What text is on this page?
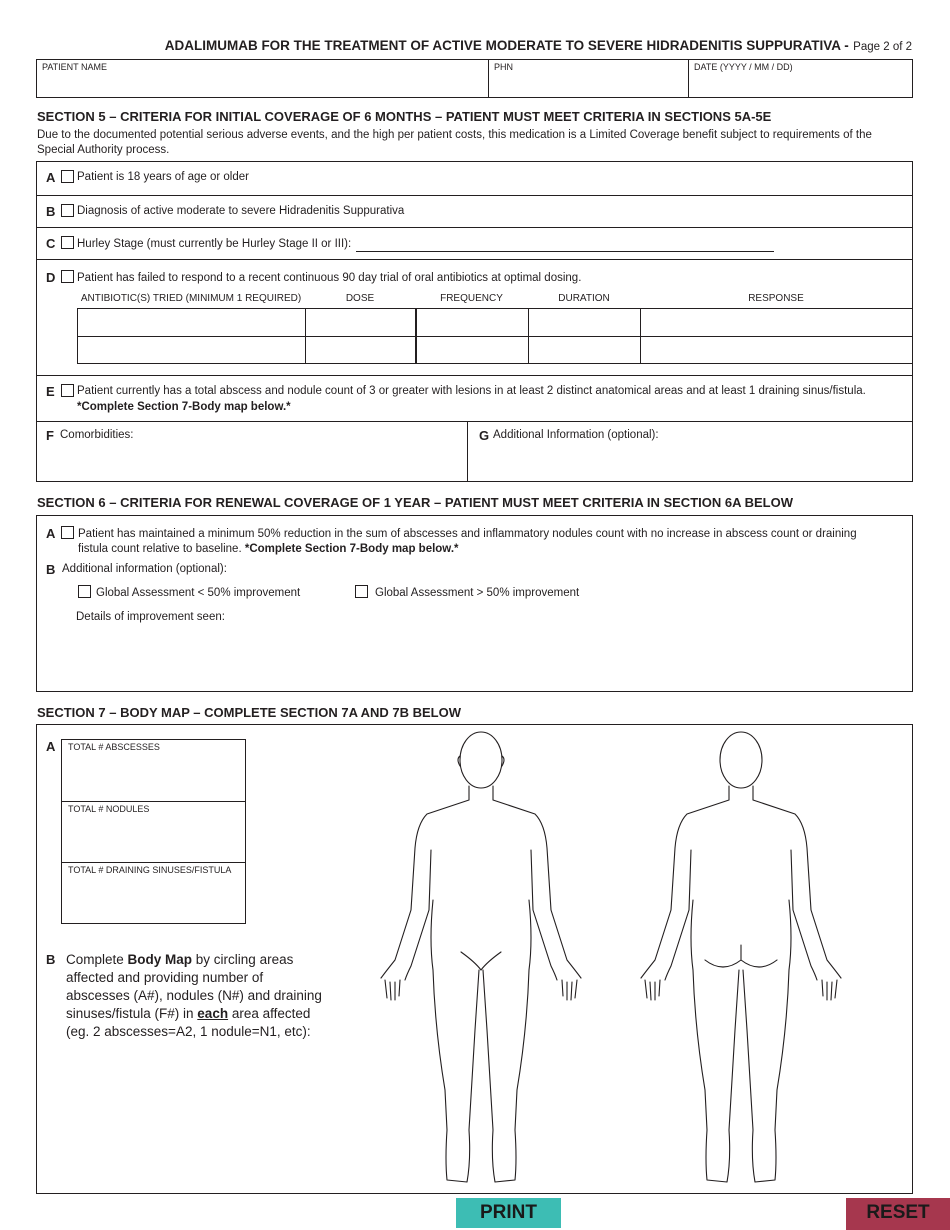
ADALIMUMAB FOR THE TREATMENT OF ACTIVE MODERATE TO SEVERE HIDRADENITIS SUPPURATIVA - Page 2 of 2
PATIENT NAME	PHN	DATE (YYYY / MM / DD)
SECTION 5 – CRITERIA FOR INITIAL COVERAGE OF 6 MONTHS – PATIENT MUST MEET CRITERIA IN SECTIONS 5A-5E
Due to the documented potential serious adverse events, and the high per patient costs, this medication is a Limited Coverage benefit subject to requirements of the
Special Authority process.
A Patient is 18 years of age or older
B Diagnosis of active moderate to severe Hidradenitis Suppurativa
C Hurley Stage (must currently be Hurley Stage II or III):
D Patient has failed to respond to a recent continuous 90 day trial of oral antibiotics at optimal dosing.
ANTIBIOTIC(S) TRIED (MINIMUM 1 REQUIRED)	DOSE	FREQUENCY	DURATION	RESPONSE
E Patient currently has a total abscess and nodule count of 3 or greater with lesions in at least 2 distinct anatomical areas and at least 1 draining sinus/fistula.
*Complete Section 7-Body map below.*
F Comorbidities:	G Additional Information (optional):
SECTION 6 – CRITERIA FOR RENEWAL COVERAGE OF 1 YEAR – PATIENT MUST MEET CRITERIA IN SECTION 6A BELOW
A Patient has maintained a minimum 50% reduction in the sum of abscesses and inflammatory nodules count with no increase in abscess count or draining
fistula count relative to baseline. *Complete Section 7-Body map below.*
B Additional information (optional):
Global Assessment < 50% improvement	Global Assessment > 50% improvement
Details of improvement seen:
SECTION 7 – BODY MAP – COMPLETE SECTION 7A AND 7B BELOW
A TOTAL # ABSCESSES
TOTAL # NODULES
TOTAL # DRAINING SINUSES/FISTULA
B Complete Body Map by circling areas
affected and providing number of
abscesses (A#), nodules (N#) and draining
sinuses/fistula (F#) in each area affected
(eg. 2 abscesses=A2, 1 nodule=N1, etc):
PRINT	RESET
